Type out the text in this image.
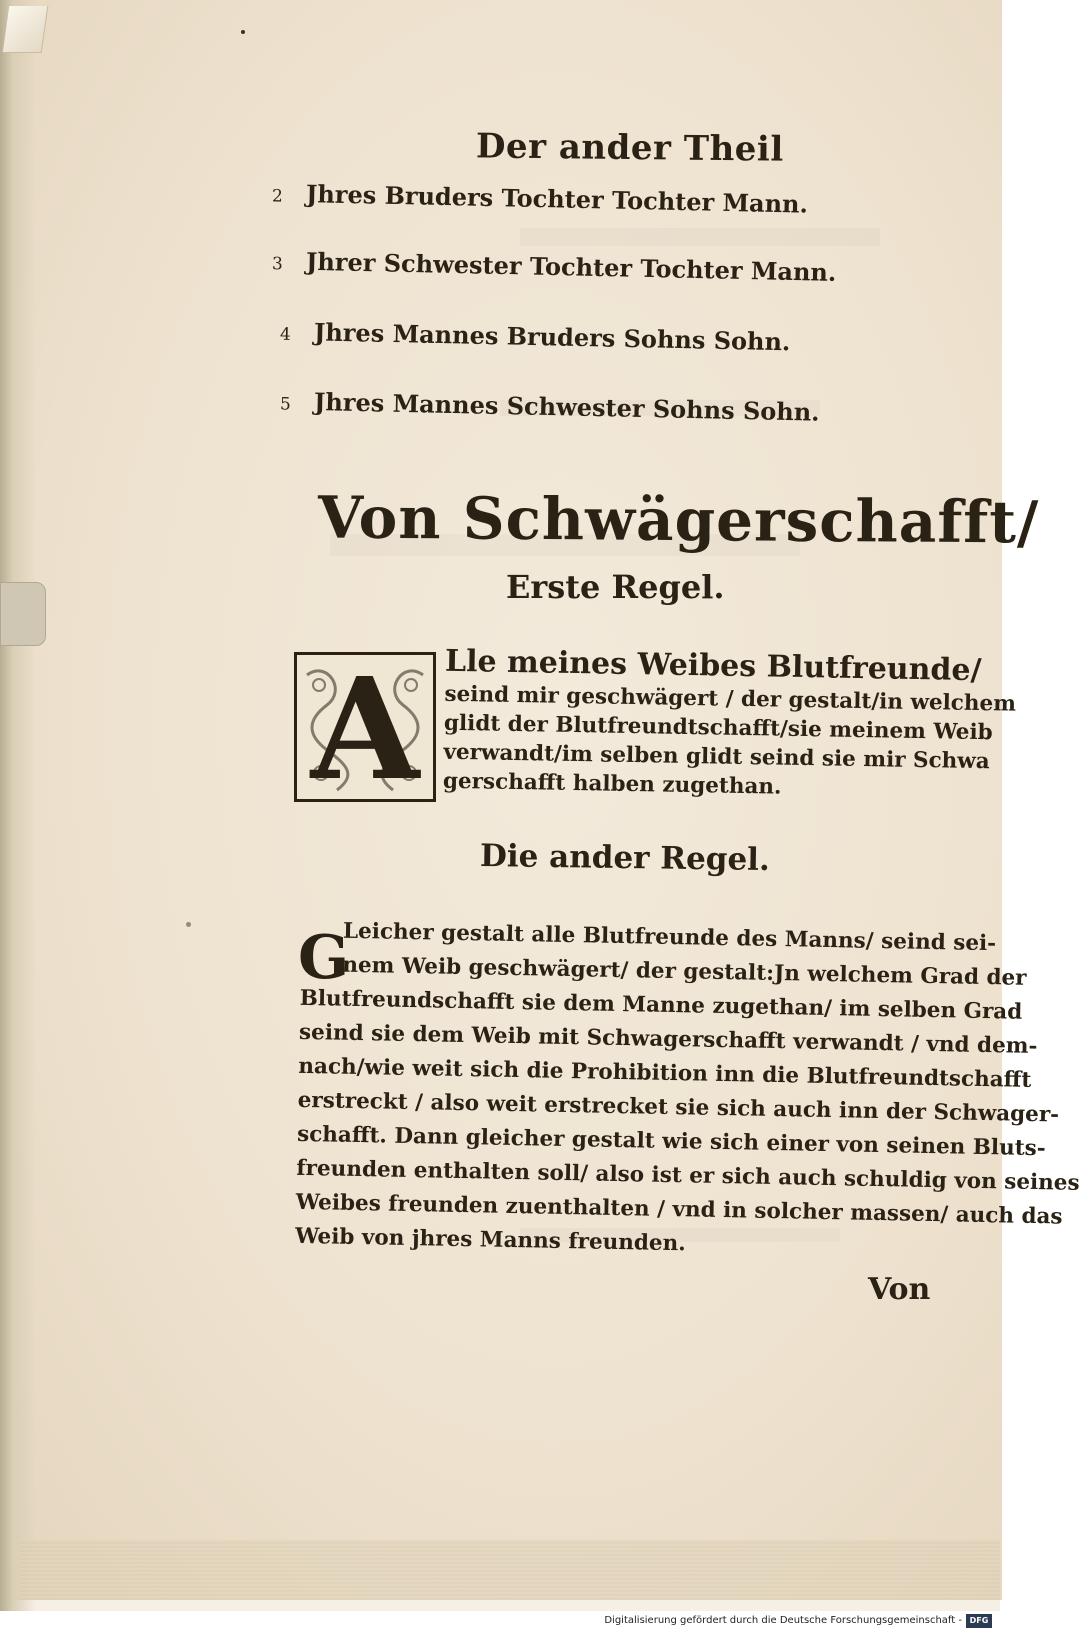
Der ander Theil
2 Jhres Bruders Tochter Tochter Mann.
3 Jhrer Schwester Tochter Tochter Mann.
4 Jhres Mannes Bruders Sohns Sohn.
5 Jhres Mannes Schwester Sohns Sohn.
Von Schwägerschafft/
Erste Regel.
A Lle meines Weibes Blutfreunde/
seind mir geschwägert / der gestalt/in welchem
glidt der Blutfreundtschafft/sie meinem Weib
verwandt/im selben glidt seind sie mir Schwa
gerschafft halben zugethan.
Die ander Regel.
G
Leicher gestalt alle Blutfreunde des Manns/ seind sei-
nem Weib geschwägert/ der gestalt:Jn welchem Grad der
Blutfreundschafft sie dem Manne zugethan/ im selben Grad
seind sie dem Weib mit Schwagerschafft verwandt / vnd dem-
nach/wie weit sich die Prohibition inn die Blutfreundtschafft
erstreckt / also weit erstrecket sie sich auch inn der Schwager-
schafft. Dann gleicher gestalt wie sich einer von seinen Bluts-
freunden enthalten soll/ also ist er sich auch schuldig von seines
Weibes freunden zuenthalten / vnd in solcher massen/ auch das
Weib von jhres Manns freunden.
Von
Digitalisierung gefördert durch die Deutsche Forschungsgemeinschaft - DFG
